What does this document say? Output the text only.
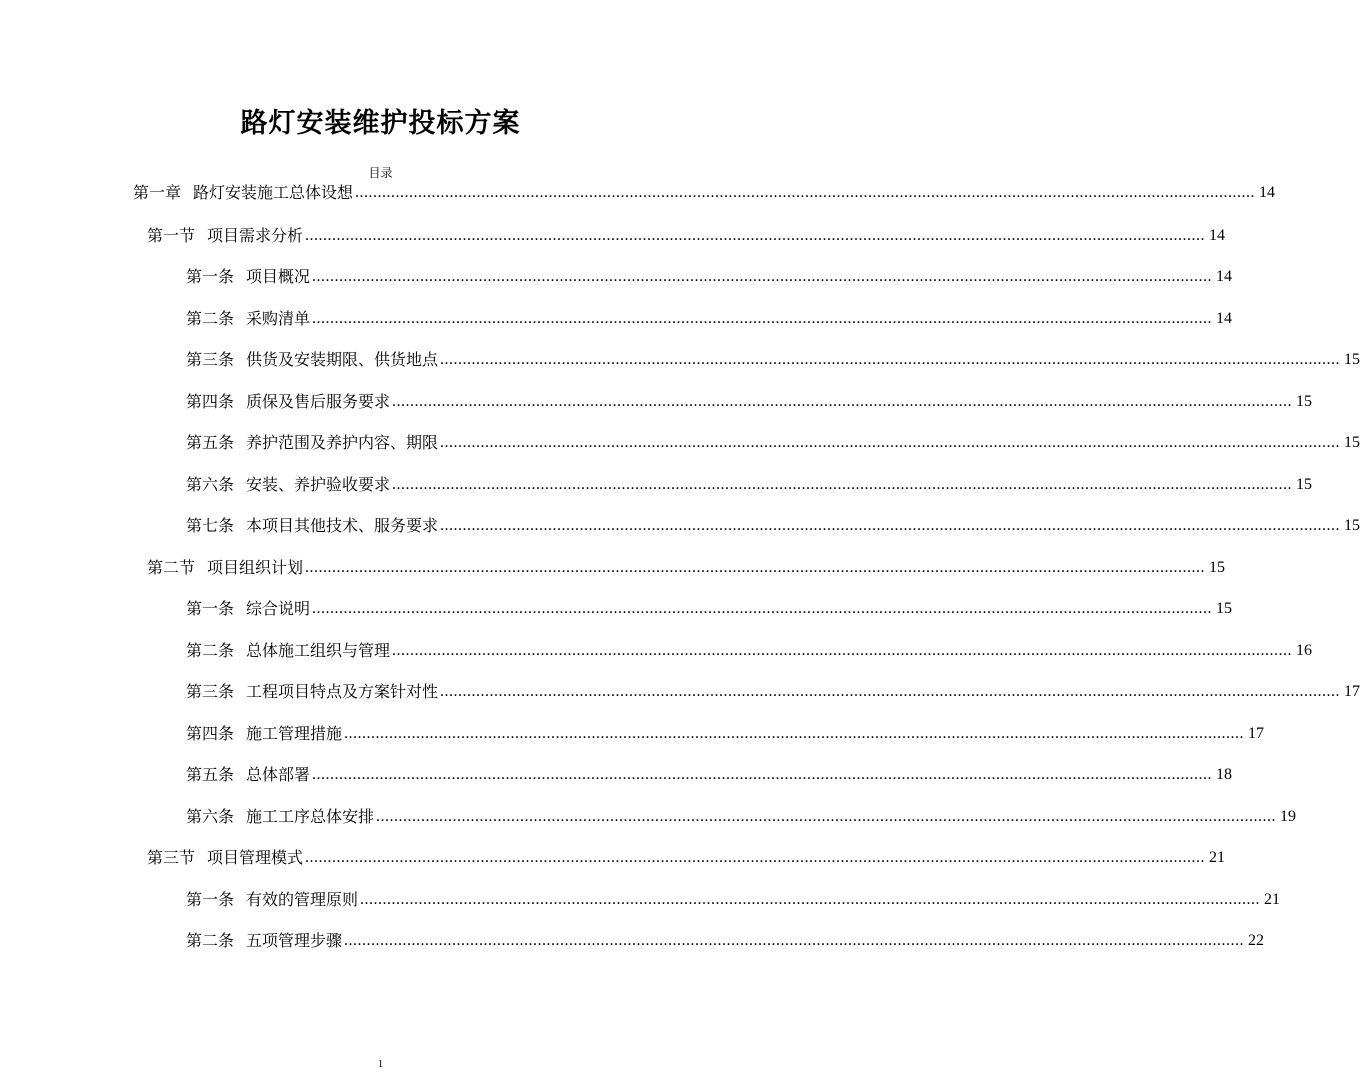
路灯安装维护投标方案
目录
第一章 路灯安装施工总体设想 ........................................................................................................................................................................................................ 14
第一节 项目需求分析 ........................................................................................................................................................................................................ 14
第一条 项目概况 ........................................................................................................................................................................................................ 14
第二条 采购清单 ........................................................................................................................................................................................................ 14
第三条 供货及安装期限、供货地点 ........................................................................................................................................................................................................ 15
第四条 质保及售后服务要求 ........................................................................................................................................................................................................ 15
第五条 养护范围及养护内容、期限 ........................................................................................................................................................................................................ 15
第六条 安装、养护验收要求 ........................................................................................................................................................................................................ 15
第七条 本项目其他技术、服务要求 ........................................................................................................................................................................................................ 15
第二节 项目组织计划 ........................................................................................................................................................................................................ 15
第一条 综合说明 ........................................................................................................................................................................................................ 15
第二条 总体施工组织与管理 ........................................................................................................................................................................................................ 16
第三条 工程项目特点及方案针对性 ........................................................................................................................................................................................................ 17
第四条 施工管理措施 ........................................................................................................................................................................................................ 17
第五条 总体部署 ........................................................................................................................................................................................................ 18
第六条 施工工序总体安排 ........................................................................................................................................................................................................ 19
第三节 项目管理模式 ........................................................................................................................................................................................................ 21
第一条 有效的管理原则 ........................................................................................................................................................................................................ 21
第二条 五项管理步骤 ........................................................................................................................................................................................................ 22
1
